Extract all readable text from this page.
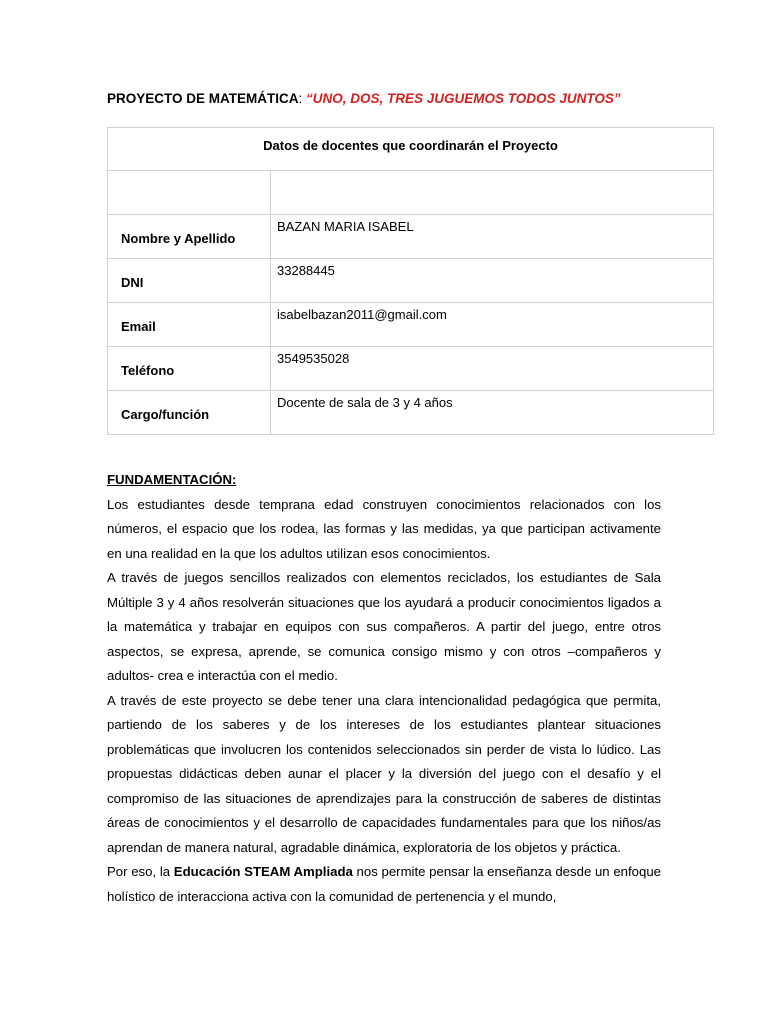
PROYECTO DE MATEMÁTICA: “UNO, DOS, TRES JUGUEMOS TODOS JUNTOS”
Datos de docentes que coordinarán el Proyecto	

Nombre y Apellido	BAZAN MARIA ISABEL
DNI	33288445
Email	isabelbazan2011@gmail.com
Teléfono	3549535028
Cargo/función	Docente de sala de 3 y 4 años
FUNDAMENTACIÓN:

Los estudiantes desde temprana edad construyen conocimientos relacionados con los números, el espacio que los rodea, las formas y las medidas, ya que participan activamente en una realidad en la que los adultos utilizan esos conocimientos.

A través de juegos sencillos realizados con elementos reciclados, los estudiantes de Sala Múltiple 3 y 4 años resolverán situaciones que los ayudará a producir conocimientos ligados a la matemática y trabajar en equipos con sus compañeros. A partir del juego, entre otros aspectos, se expresa, aprende, se comunica consigo mismo y con otros –compañeros y adultos- crea e interactúa con el medio.

A través de este proyecto se debe tener una clara intencionalidad pedagógica que permita, partiendo de los saberes y de los intereses de los estudiantes plantear situaciones problemáticas que involucren los contenidos seleccionados sin perder de vista lo lúdico. Las propuestas didácticas deben aunar el placer y la diversión del juego con el desafío y el compromiso de las situaciones de aprendizajes para la construcción de saberes de distintas áreas de conocimientos y el desarrollo de capacidades fundamentales para que los niños/as aprendan de manera natural, agradable dinámica, exploratoria de los objetos y práctica.

Por eso, la Educación STEAM Ampliada nos permite pensar la enseñanza desde un enfoque holístico de interacciona activa con la comunidad de pertenencia y el mundo,
